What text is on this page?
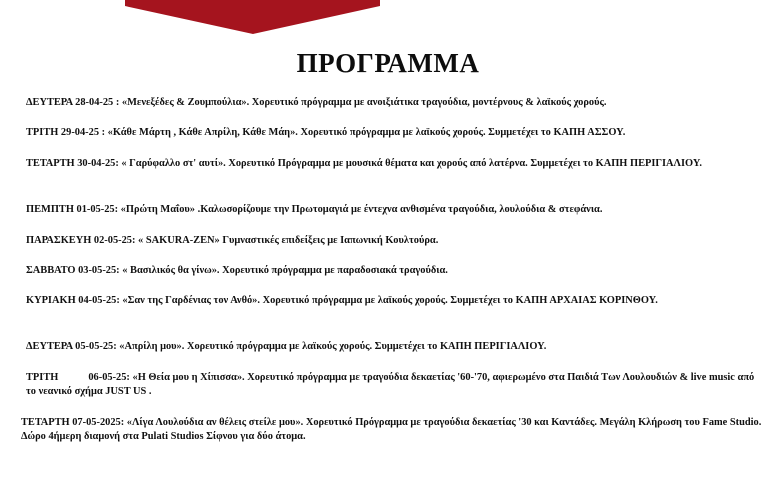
ΠΡΟΓΡΑΜΜΑ

ΔΕΥΤΕΡΑ 28-04-25 : «Μενεξέδες & Ζουμπούλια». Χορευτικό πρόγραμμα με ανοιξιάτικα τραγούδια, μοντέρνους & λαϊκούς χορούς.

ΤΡΙΤΗ 29-04-25 : «Κάθε Μάρτη , Κάθε Απρίλη, Κάθε Μάη». Χορευτικό πρόγραμμα με λαϊκούς χορούς. Συμμετέχει το ΚΑΠΗ ΑΣΣΟΥ.

ΤΕΤΑΡΤΗ 30-04-25: « Γαρύφαλλο στ' αυτί». Χορευτικό Πρόγραμμα με μουσικά θέματα και χορούς από λατέρνα. Συμμετέχει το ΚΑΠΗ ΠΕΡΙΓΙΑΛΙΟΥ.

ΠΕΜΠΤΗ 01-05-25: «Πρώτη Μαΐου» .Καλωσορίζουμε την Πρωτομαγιά με έντεχνα ανθισμένα τραγούδια, λουλούδια & στεφάνια.

ΠΑΡΑΣΚΕΥΗ 02-05-25: « SAKURA-ZEN» Γυμναστικές επιδείξεις με Ιαπωνική Κουλτούρα.

ΣΑΒΒΑΤΟ 03-05-25: « Βασιλικός θα γίνω». Χορευτικό πρόγραμμα με παραδοσιακά τραγούδια.

ΚΥΡΙΑΚΗ 04-05-25: «Σαν της Γαρδένιας τον Ανθό». Χορευτικό πρόγραμμα με λαϊκούς χορούς. Συμμετέχει το ΚΑΠΗ ΑΡΧΑΙΑΣ ΚΟΡΙΝΘΟΥ.

ΔΕΥΤΕΡΑ 05-05-25: «Απρίλη μου». Χορευτικό πρόγραμμα με λαϊκούς χορούς. Συμμετέχει το ΚΑΠΗ ΠΕΡΙΓΙΑΛΙΟΥ.

ΤΡΙΤΗ	06-05-25: «Η Θεία μου η Χίπισσα». Χορευτικό πρόγραμμα με τραγούδια δεκαετίας '60-'70, αφιερωμένο στα Παιδιά Των Λουλουδιών & live music από το νεανικό σχήμα JUST US .

ΤΕΤΑΡΤΗ 07-05-2025: «Λίγα Λουλούδια αν θέλεις στείλε μου». Χορευτικό Πρόγραμμα με τραγούδια δεκαετίας '30 και Καντάδες. Μεγάλη Κλήρωση του Fame Studio. Δώρο 4ήμερη διαμονή στα Pulati Studios Σίφνου για δύο άτομα.
